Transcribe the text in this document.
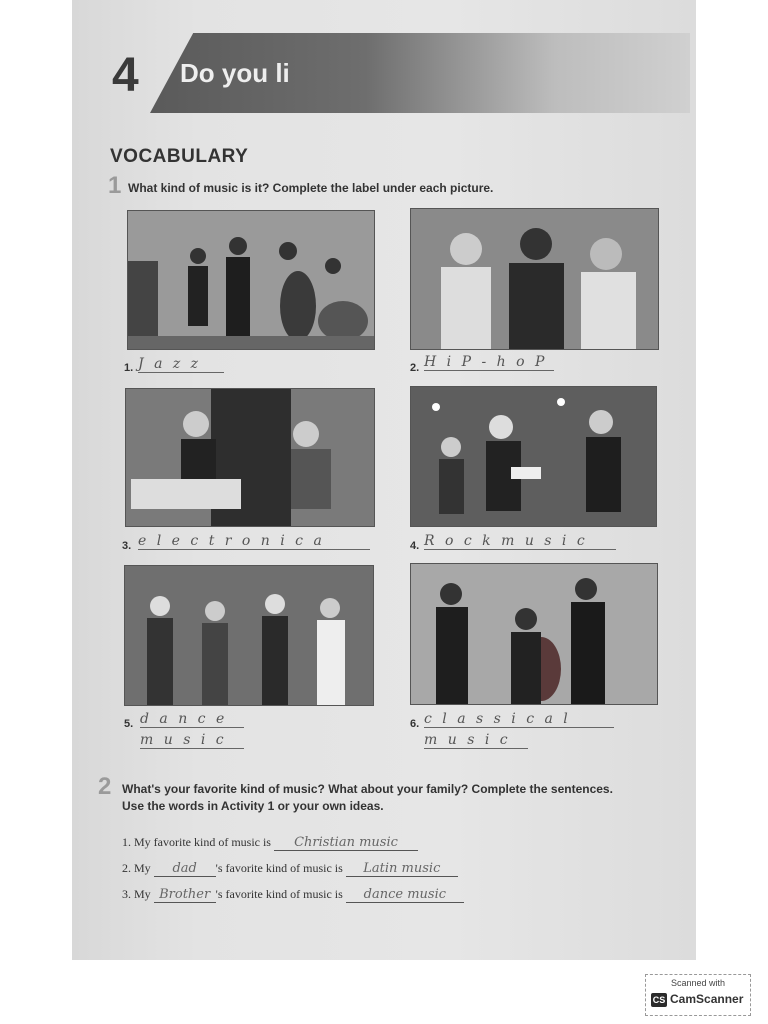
4 Do you li
VOCABULARY
1 What kind of music is it? Complete the label under each picture.
1. J a z z	2. H i P - h o P
3. e l e c t r o n i c a	4. R o c k m u s i c
5. d a n c e
m u s i c
6. c l a s s i c a l
m u s i c
2 What's your favorite kind of music? What about your family? Complete the sentences.
Use the words in Activity 1 or your own ideas.
1. My favorite kind of music is Christian music
2. My dad 's favorite kind of music is Latin music
3. My Brother 's favorite kind of music is dance music
Scanned with
CS CamScanner
